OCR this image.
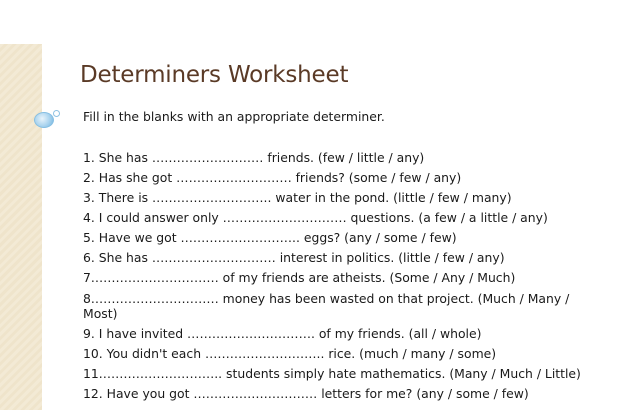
Determiners Worksheet
Fill in the blanks with an appropriate determiner.
1. She has ……………………… friends. (few / little / any)
2. Has she got ………………………. friends? (some / few / any)
3. There is ……………………….. water in the pond. (little / few / many)
4. I could answer only ………………………… questions. (a few / a little / any)
5. Have we got ……………………….. eggs? (any / some / few)
6. She has ………………………… interest in politics. (little / few / any)
7.………………………… of my friends are atheists. (Some / Any / Much)
8.………………………… money has been wasted on that project. (Much / Many / Most)
9. I have invited …………………………. of my friends. (all / whole)
10. You didn't each ……………………….. rice. (much / many / some)
11.……………………….. students simply hate mathematics. (Many / Much / Little)
12. Have you got ………………………… letters for me? (any / some / few)
